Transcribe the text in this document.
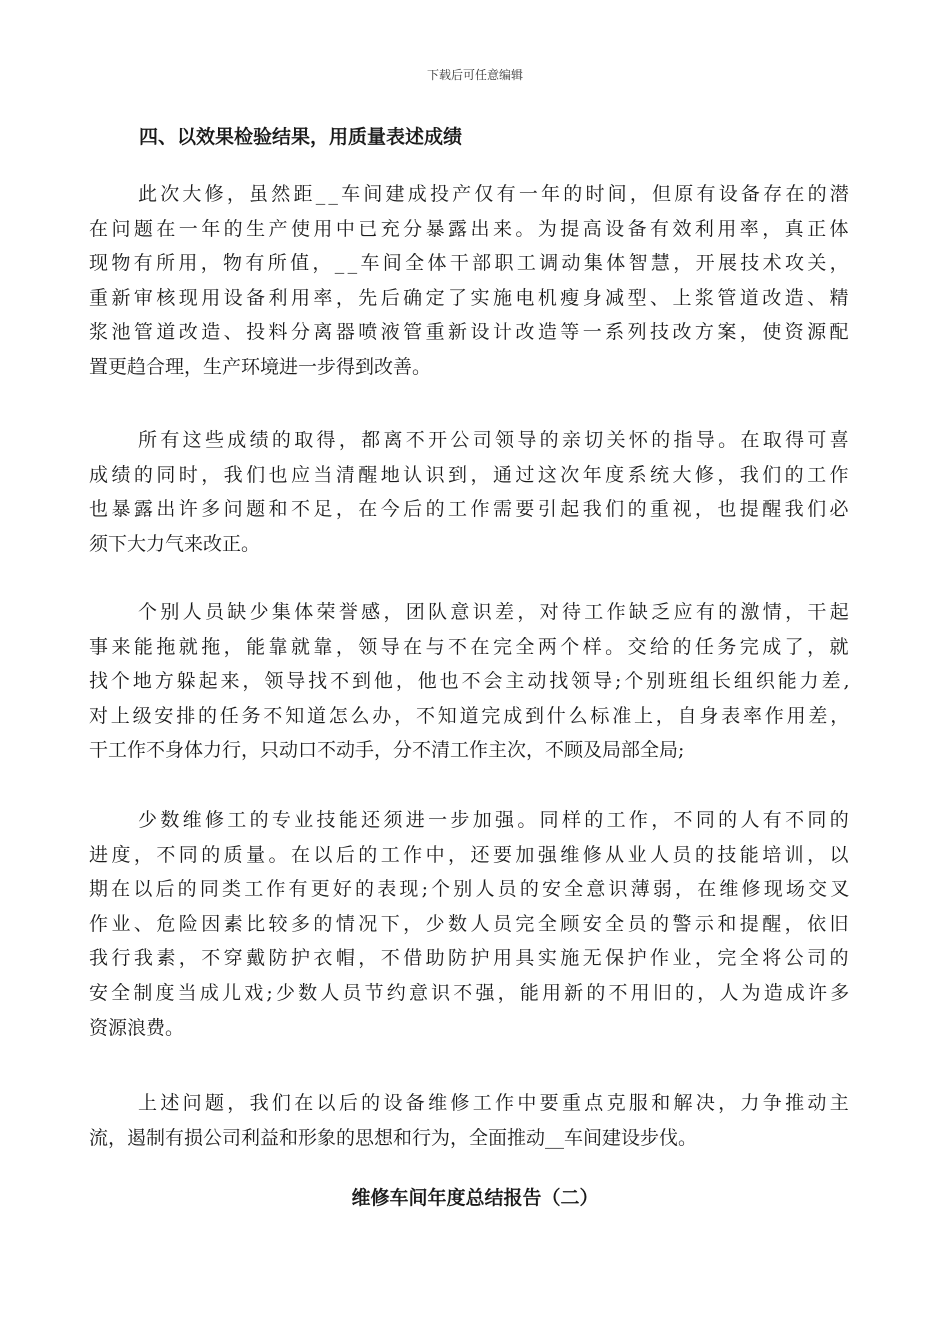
下载后可任意编辑
四、以效果检验结果，用质量表述成绩
此次大修，虽然距__车间建成投产仅有一年的时间，但原有设备存在的潜
在问题在一年的生产使用中已充分暴露出来。为提高设备有效利用率，真正体
现物有所用，物有所值，__车间全体干部职工调动集体智慧，开展技术攻关，
重新审核现用设备利用率，先后确定了实施电机瘦身减型、上浆管道改造、精
浆池管道改造、投料分离器喷液管重新设计改造等一系列技改方案，使资源配
置更趋合理，生产环境进一步得到改善。
所有这些成绩的取得，都离不开公司领导的亲切关怀的指导。在取得可喜
成绩的同时，我们也应当清醒地认识到，通过这次年度系统大修，我们的工作
也暴露出许多问题和不足，在今后的工作需要引起我们的重视，也提醒我们必
须下大力气来改正。
个别人员缺少集体荣誉感，团队意识差，对待工作缺乏应有的激情，干起
事来能拖就拖，能靠就靠，领导在与不在完全两个样。交给的任务完成了，就
找个地方躲起来，领导找不到他，他也不会主动找领导;个别班组长组织能力差,
对上级安排的任务不知道怎么办，不知道完成到什么标准上，自身表率作用差，
干工作不身体力行，只动口不动手，分不清工作主次，不顾及局部全局;
少数维修工的专业技能还须进一步加强。同样的工作，不同的人有不同的
进度，不同的质量。在以后的工作中，还要加强维修从业人员的技能培训，以
期在以后的同类工作有更好的表现;个别人员的安全意识薄弱，在维修现场交叉
作业、危险因素比较多的情况下，少数人员完全顾安全员的警示和提醒，依旧
我行我素，不穿戴防护衣帽，不借助防护用具实施无保护作业，完全将公司的
安全制度当成儿戏;少数人员节约意识不强，能用新的不用旧的，人为造成许多
资源浪费。
上述问题，我们在以后的设备维修工作中要重点克服和解决，力争推动主
流，遏制有损公司利益和形象的思想和行为，全面推动__车间建设步伐。
维修车间年度总结报告（二）
